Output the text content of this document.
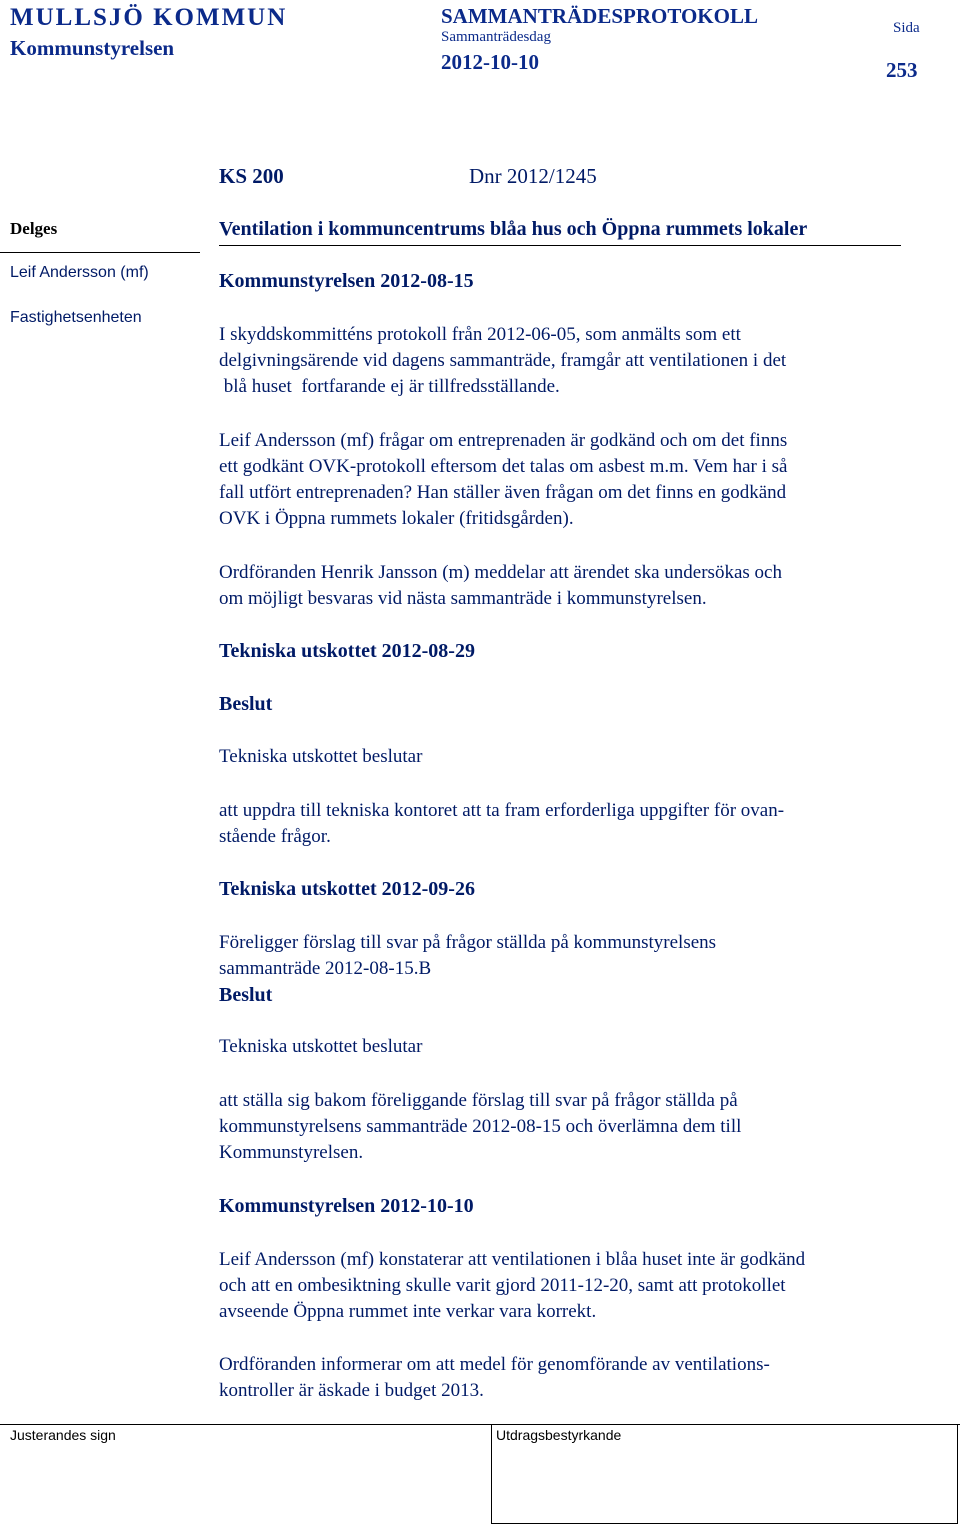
MULLSJÖ KOMMUN
Kommunstyrelsen
SAMMANTRÄDESPROTOKOLL
Sammanträdesdag
2012-10-10
Sida
253
KS 200	Dnr 2012/1245
Delges
Leif Andersson (mf)
Fastighetsenheten
Ventilation i kommuncentrums blåa hus och Öppna rummets lokaler
Kommunstyrelsen 2012-08-15

I skyddskommitténs protokoll från 2012-06-05, som anmälts som ett

delgivningsärende vid dagens sammanträde, framgår att ventilationen i det

blå huset  fortfarande ej är tillfredsställande.

Leif Andersson (mf) frågar om entreprenaden är godkänd och om det finns

ett godkänt OVK-protokoll eftersom det talas om asbest m.m. Vem har i så

fall utfört entreprenaden? Han ställer även frågan om det finns en godkänd

OVK i Öppna rummets lokaler (fritidsgården).

Ordföranden Henrik Jansson (m) meddelar att ärendet ska undersökas och

om möjligt besvaras vid nästa sammanträde i kommunstyrelsen.

Tekniska utskottet 2012-08-29
Beslut
Tekniska utskottet beslutar

att uppdra till tekniska kontoret att ta fram erforderliga uppgifter för ovan-

stående frågor.

Tekniska utskottet 2012-09-26

Föreligger förslag till svar på frågor ställda på kommunstyrelsens

sammanträde 2012-08-15.B

Beslut
Tekniska utskottet beslutar

att ställa sig bakom föreliggande förslag till svar på frågor ställda på

kommunstyrelsens sammanträde 2012-08-15 och överlämna dem till

Kommunstyrelsen.

Kommunstyrelsen 2012-10-10

Leif Andersson (mf) konstaterar att ventilationen i blåa huset inte är godkänd

och att en ombesiktning skulle varit gjord 2011-12-20, samt att protokollet

avseende Öppna rummet inte verkar vara korrekt.

Ordföranden informerar om att medel för genomförande av ventilations-

kontroller är äskade i budget 2013.

Justerandes sign	Utdragsbestyrkande
